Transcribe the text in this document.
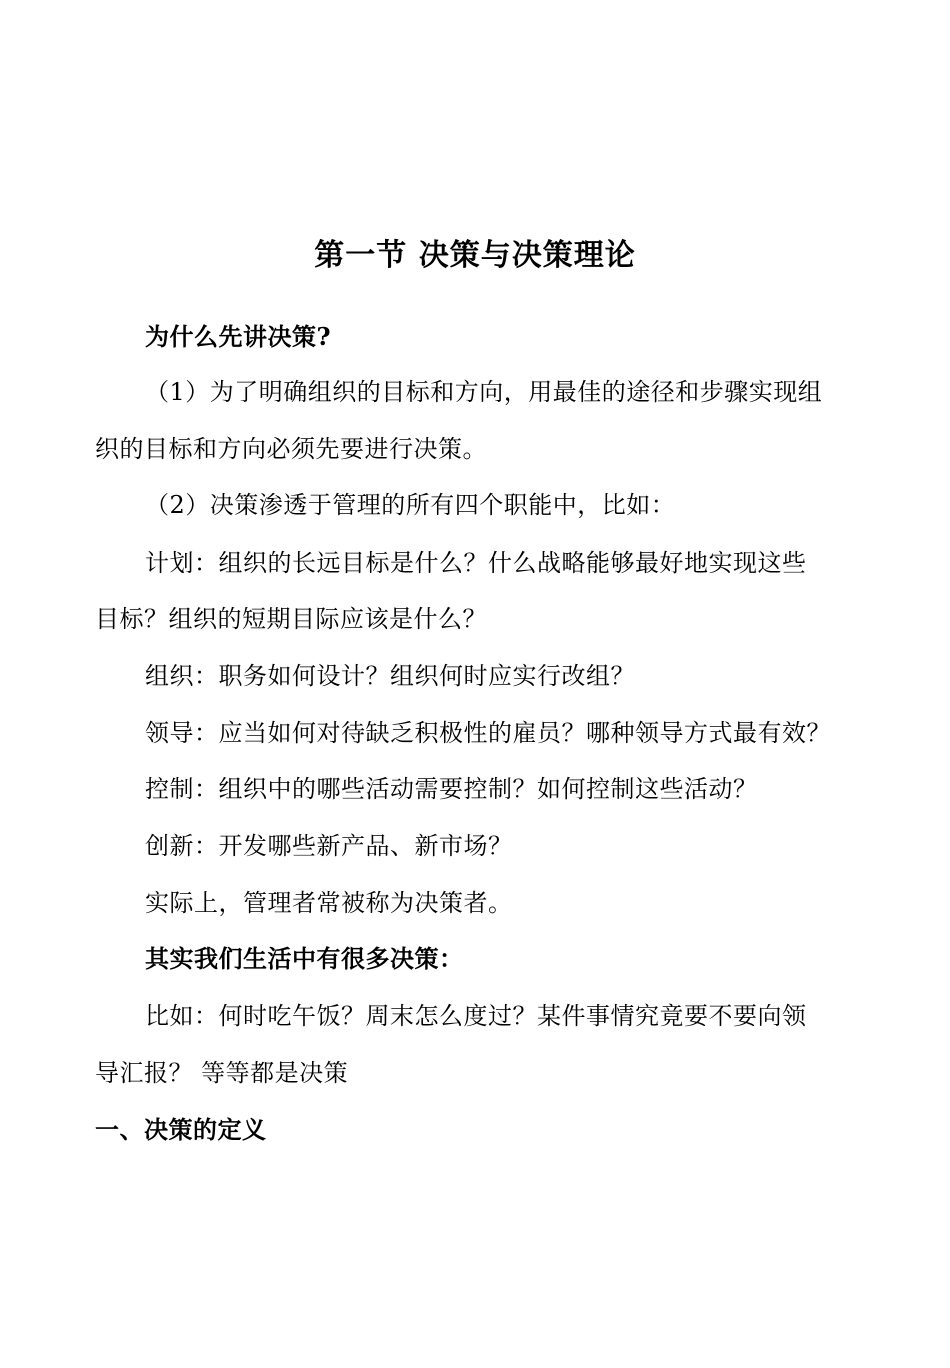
第一节 决策与决策理论
为什么先讲决策?
（1）为了明确组织的目标和方向，用最佳的途径和步骤实现组
织的目标和方向必须先要进行决策。
（2）决策渗透于管理的所有四个职能中，比如：
计划：组织的长远目标是什么？什么战略能够最好地实现这些
目标？组织的短期目际应该是什么？
组织：职务如何设计？组织何时应实行改组？
领导：应当如何对待缺乏积极性的雇员？哪种领导方式最有效？
控制：组织中的哪些活动需要控制？如何控制这些活动？
创新：开发哪些新产品、新市场？
实际上，管理者常被称为决策者。
其实我们生活中有很多决策：
比如：何时吃午饭？周末怎么度过？某件事情究竟要不要向领
导汇报？ 等等都是决策
一、决策的定义
